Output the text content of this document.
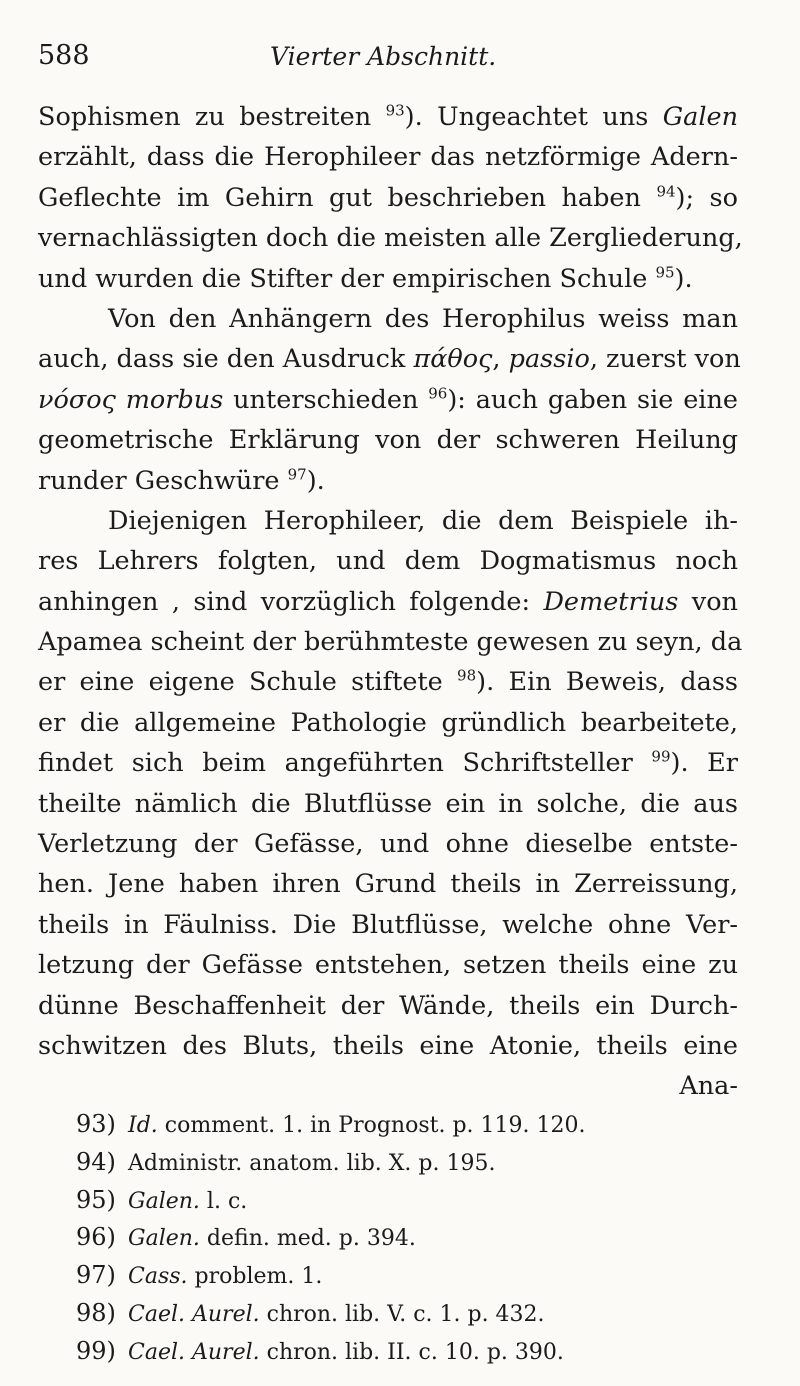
588	Vierter Abschnitt.
Sophismen zu bestreiten $^{93}$). Ungeachtet uns Galen
erzählt, dass die Herophileer das netzförmige Adern-
Geflechte im Gehirn gut beschrieben haben $^{94}$); so
vernachlässigten doch die meisten alle Zergliederung,
und wurden die Stifter der empirischen Schule $^{95}$).
Von den Anhängern des Herophilus weiss man
auch, dass sie den Ausdruck πάθος, passio, zuerst von
νόσος morbus unterschieden $^{96}$): auch gaben sie eine
geometrische Erklärung von der schweren Heilung
runder Geschwüre $^{97}$).
Diejenigen Herophileer, die dem Beispiele ih-
res Lehrers folgten, und dem Dogmatismus noch
anhingen , sind vorzüglich folgende: Demetrius von
Apamea scheint der berühmteste gewesen zu seyn, da
er eine eigene Schule stiftete $^{98}$). Ein Beweis, dass
er die allgemeine Pathologie gründlich bearbeitete,
findet sich beim angeführten Schriftsteller $^{99}$). Er
theilte nämlich die Blutflüsse ein in solche, die aus
Verletzung der Gefässe, und ohne dieselbe entste-
hen. Jene haben ihren Grund theils in Zerreissung,
theils in Fäulniss. Die Blutflüsse, welche ohne Ver-
letzung der Gefässe entstehen, setzen theils eine zu
dünne Beschaffenheit der Wände, theils ein Durch-
schwitzen des Bluts, theils eine Atonie, theils eine
Ana-
93) Id. comment. 1. in Prognost. p. 119. 120.
94) Administr. anatom. lib. X. p. 195.
95) Galen. l. c.
96) Galen. defin. med. p. 394.
97) Cass. problem. 1.
98) Cael. Aurel. chron. lib. V. c. 1. p. 432.
99) Cael. Aurel. chron. lib. II. c. 10. p. 390.
